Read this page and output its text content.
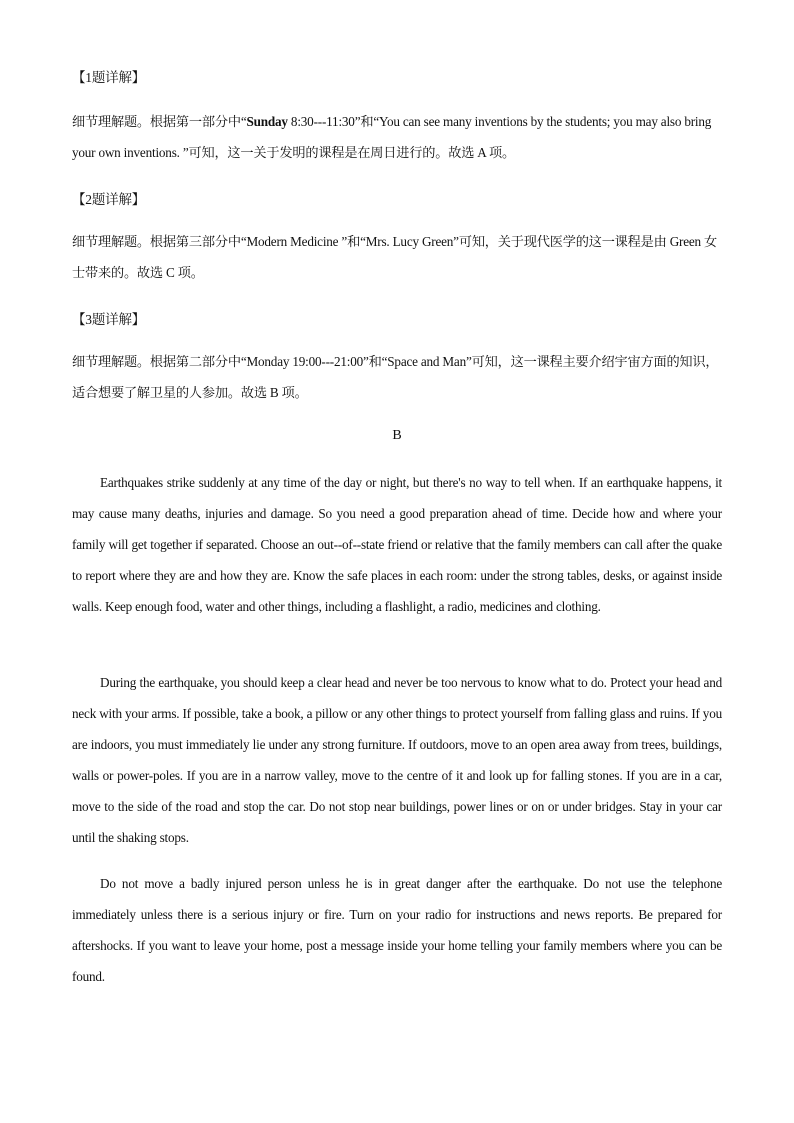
【1题详解】

细节理解题。根据第一部分中“Sunday 8:30---11:30”和“You can see many inventions by the students; you may also bring your own inventions. ”可知，这一关于发明的课程是在周日进行的。故选 A 项。

【2题详解】

细节理解题。根据第三部分中“Modern Medicine ”和“Mrs. Lucy Green”可知，关于现代医学的这一课程是由 Green 女士带来的。故选 C 项。

【3题详解】

细节理解题。根据第二部分中“Monday 19:00---21:00”和“Space and Man”可知，这一课程主要介绍宇宙方面的知识，适合想要了解卫星的人参加。故选 B 项。

B

Earthquakes strike suddenly at any time of the day or night, but there's no way to tell when. If an earthquake happens, it may cause many deaths, injuries and damage. So you need a good preparation ahead of time. Decide how and where your family will get together if separated. Choose an out--of--state friend or relative that the family members can call after the quake to report where they are and how they are. Know the safe places in each room: under the strong tables, desks, or against inside walls. Keep enough food, water and other things, including a flashlight, a radio, medicines and clothing.

During the earthquake, you should keep a clear head and never be too nervous to know what to do. Protect your head and neck with your arms. If possible, take a book, a pillow or any other things to protect yourself from falling glass and ruins. If you are indoors, you must immediately lie under any strong furniture. If outdoors, move to an open area away from trees, buildings, walls or power-poles. If you are in a narrow valley, move to the centre of it and look up for falling stones. If you are in a car, move to the side of the road and stop the car. Do not stop near buildings, power lines or on or under bridges. Stay in your car until the shaking stops.

Do not move a badly injured person unless he is in great danger after the earthquake. Do not use the telephone immediately unless there is a serious injury or fire. Turn on your radio for instructions and news reports. Be prepared for aftershocks. If you want to leave your home, post a message inside your home telling your family members where you can be found.
